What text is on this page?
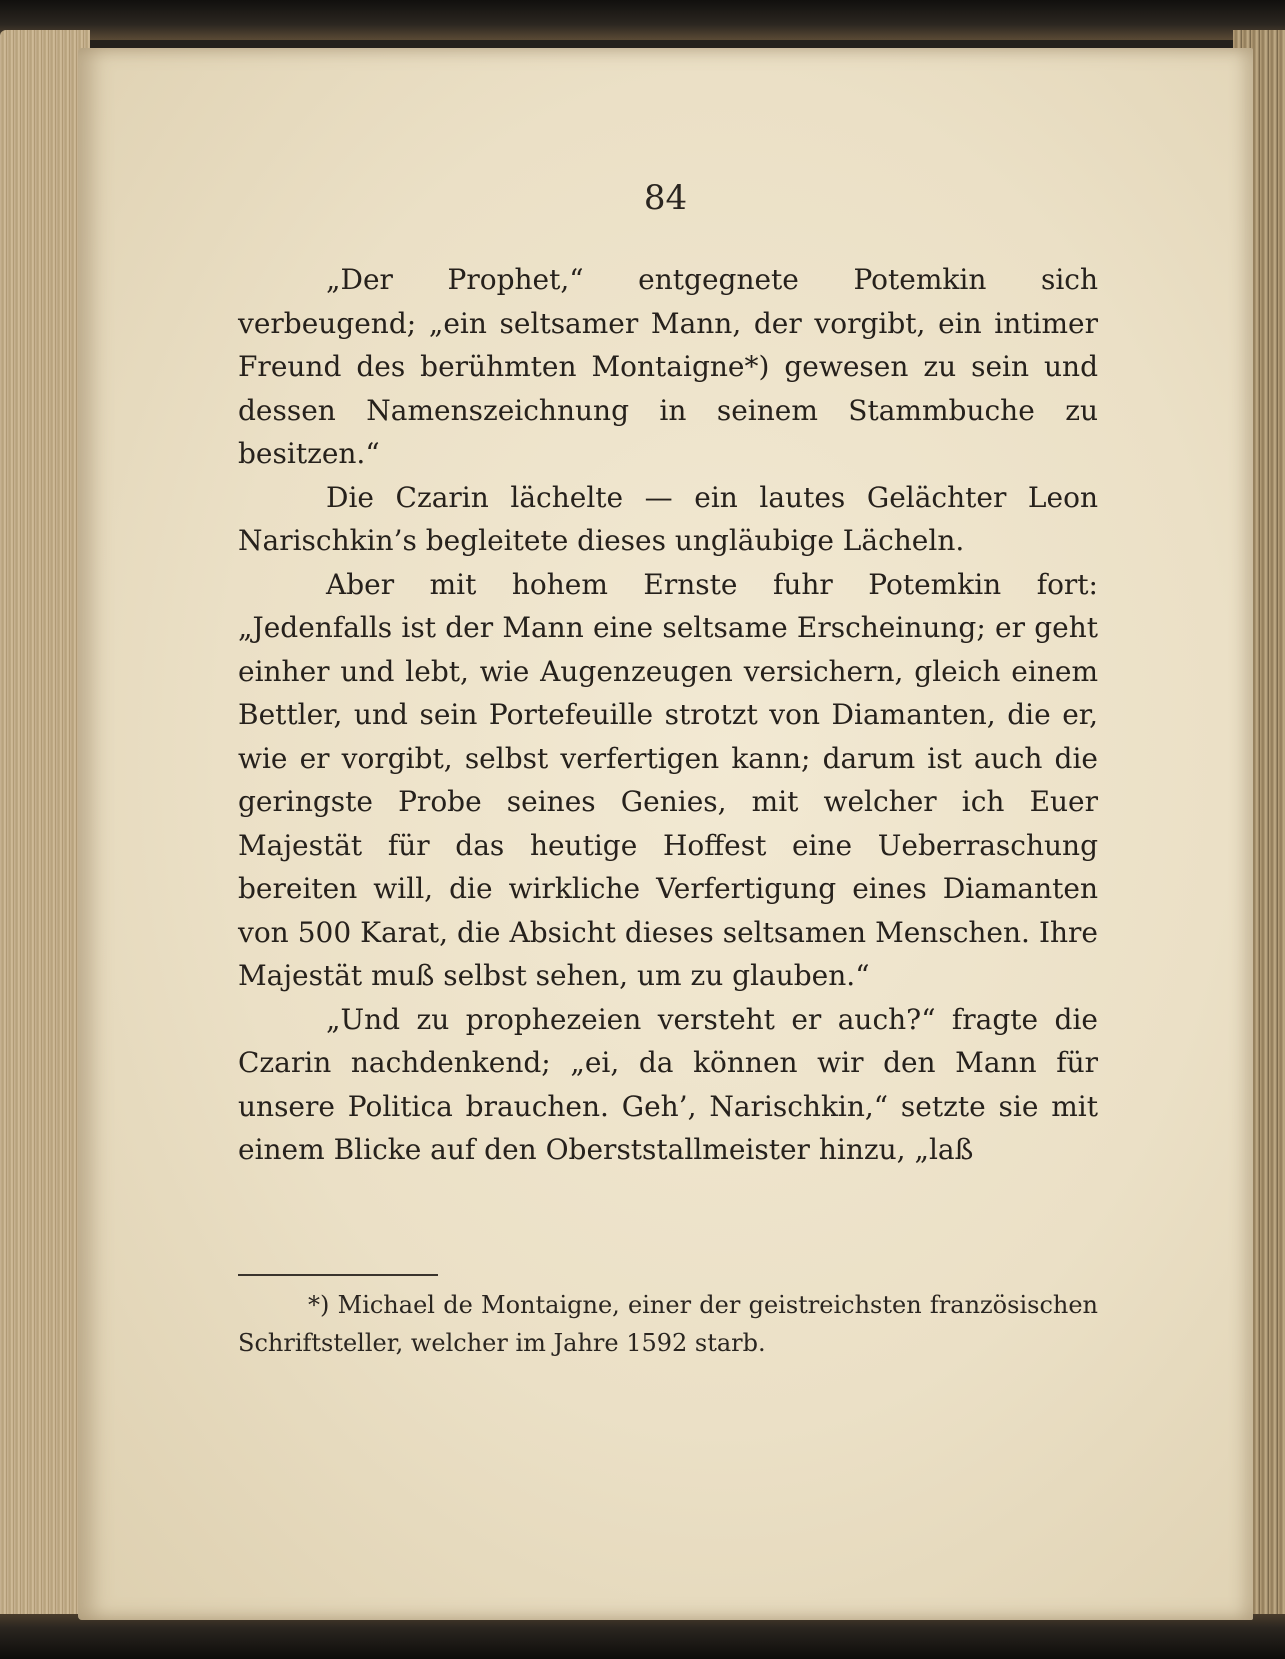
84

„Der Prophet,“ entgegnete Potemkin sich verbeugend; „ein seltsamer Mann, der vorgibt, ein intimer Freund des berühmten Montaigne*) gewesen zu sein und dessen Namenszeichnung in seinem Stammbuche zu besitzen.“

Die Czarin lächelte — ein lautes Gelächter Leon Narischkin’s begleitete dieses ungläubige Lächeln.

Aber mit hohem Ernste fuhr Potemkin fort: „Jedenfalls ist der Mann eine seltsame Erscheinung; er geht einher und lebt, wie Augenzeugen versichern, gleich einem Bettler, und sein Portefeuille strotzt von Diamanten, die er, wie er vorgibt, selbst verfertigen kann; darum ist auch die geringste Probe seines Genies, mit welcher ich Euer Majestät für das heutige Hoffest eine Ueberraschung bereiten will, die wirkliche Verfertigung eines Diamanten von 500 Karat, die Absicht dieses seltsamen Menschen. Ihre Majestät muß selbst sehen, um zu glauben.“

„Und zu prophezeien versteht er auch?“ fragte die Czarin nachdenkend; „ei, da können wir den Mann für unsere Politica brauchen. Geh’, Narischkin,“ setzte sie mit einem Blicke auf den Oberststallmeister hinzu, „laß

*) Michael de Montaigne, einer der geistreichsten französischen Schriftsteller, welcher im Jahre 1592 starb.
